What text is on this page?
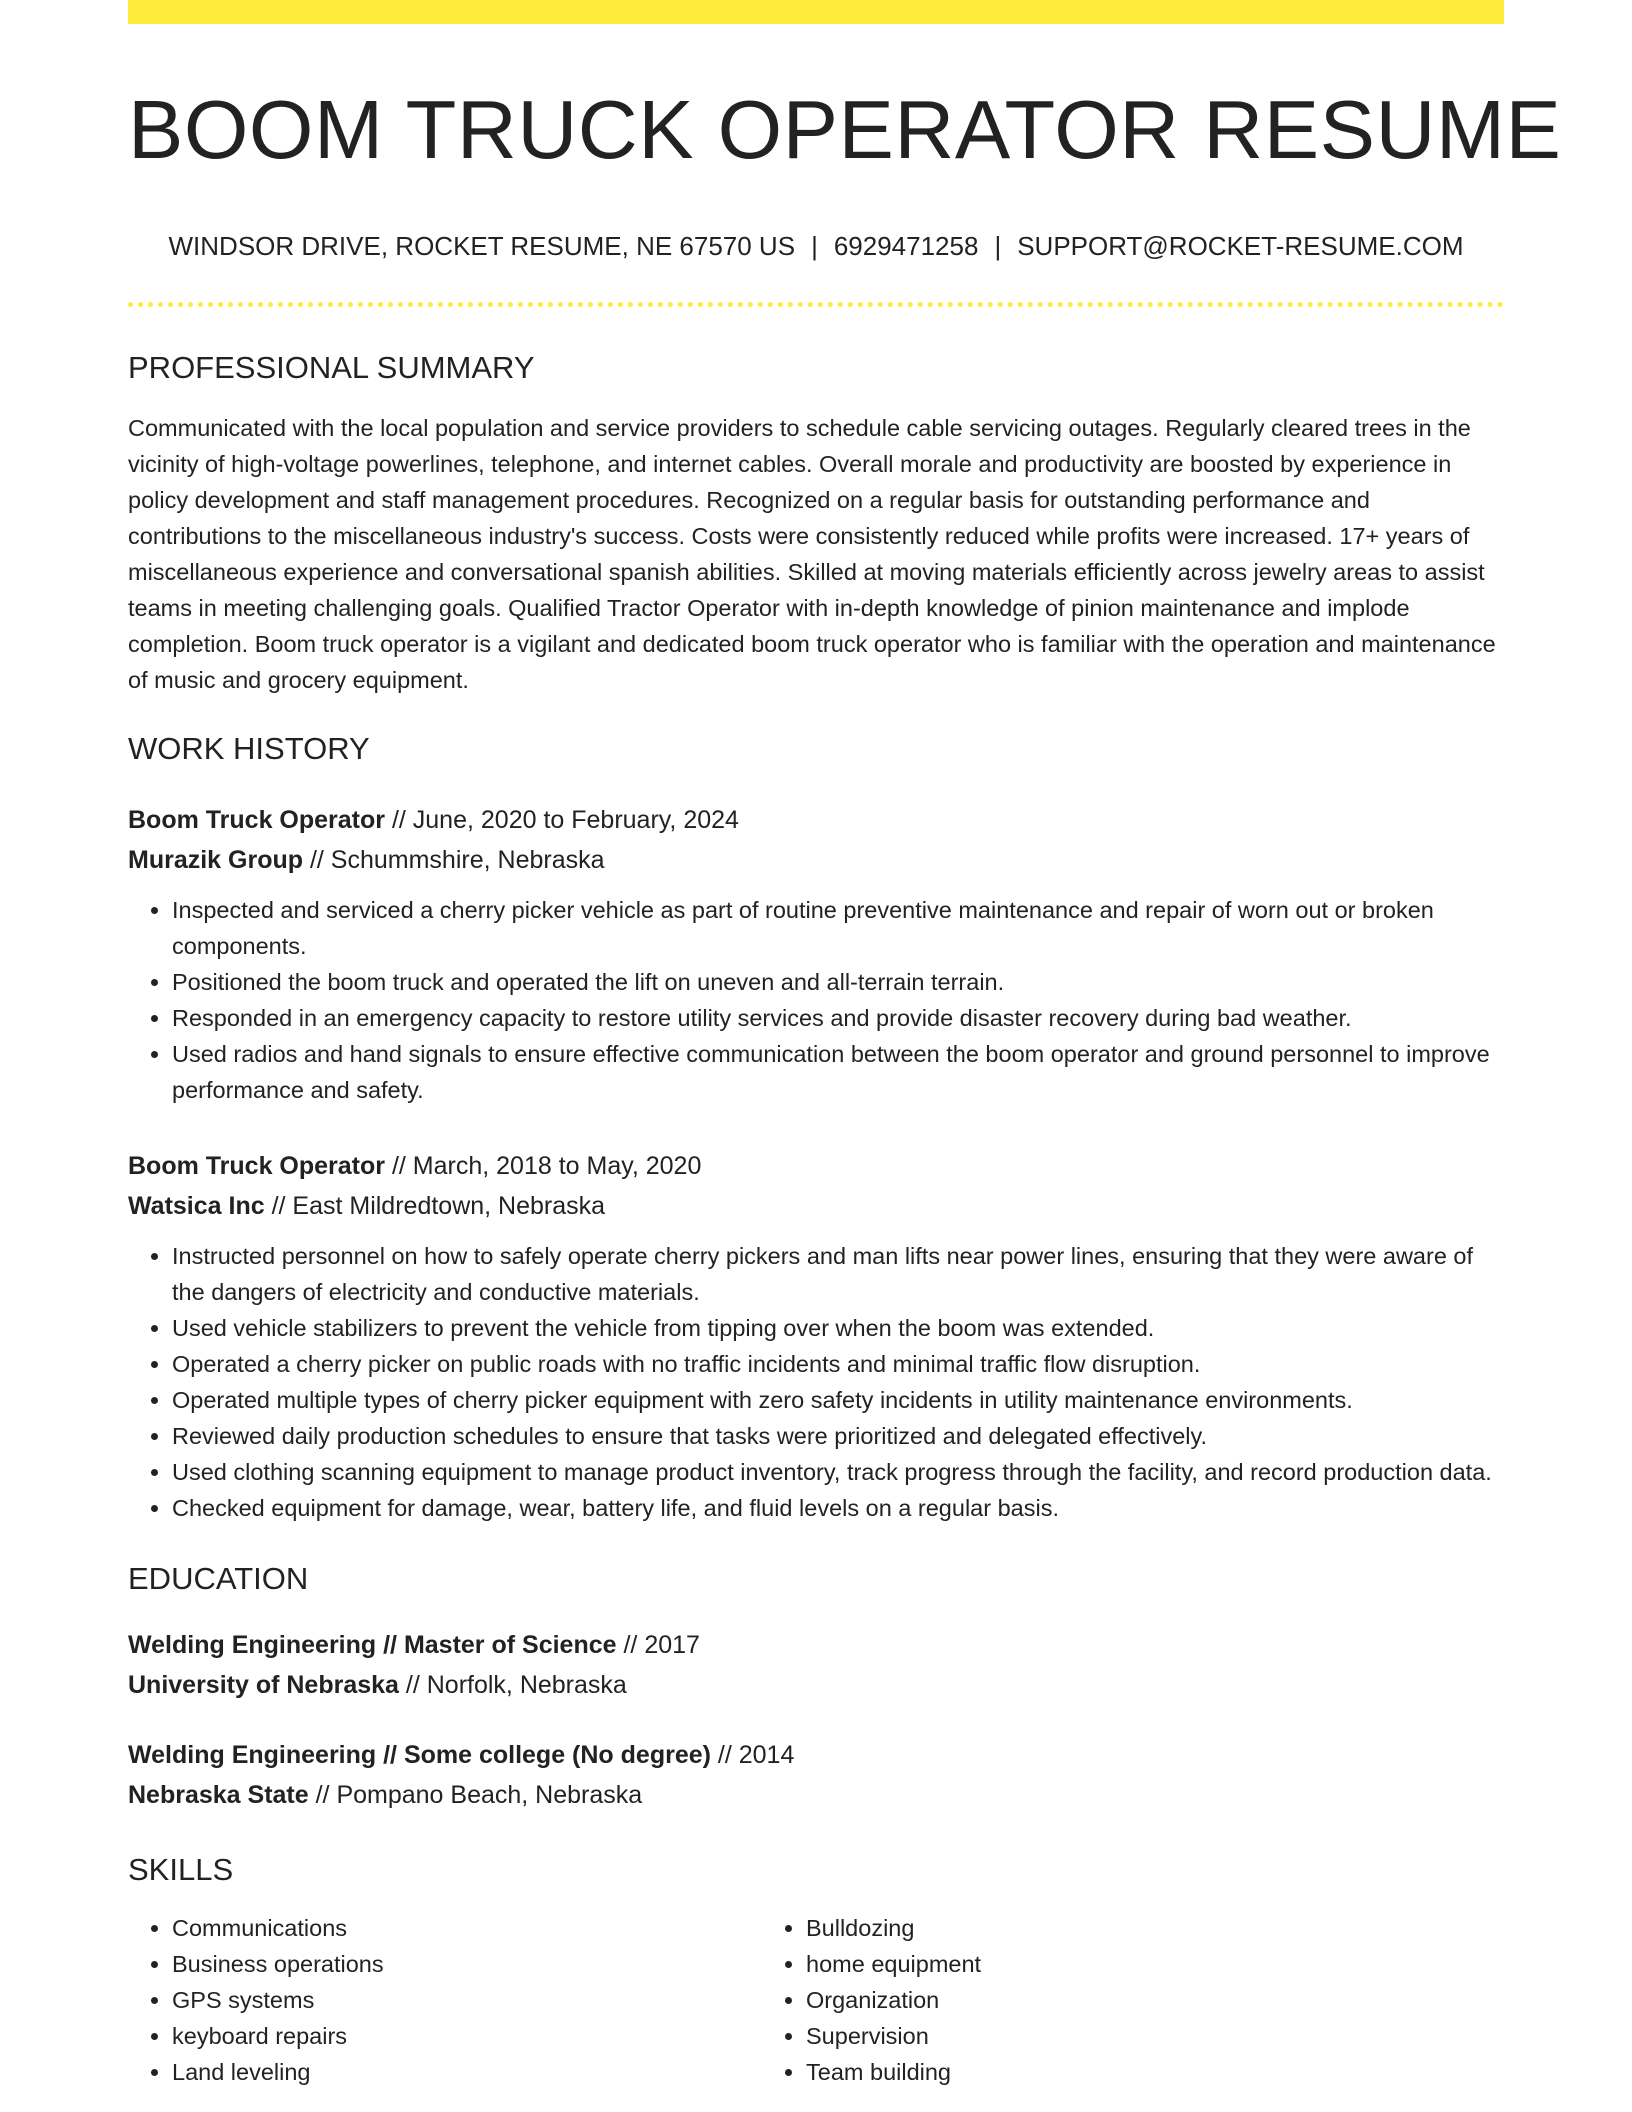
BOOM TRUCK OPERATOR RESUME
WINDSOR DRIVE, ROCKET RESUME, NE 67570 US | 6929471258 | SUPPORT@ROCKET-RESUME.COM
PROFESSIONAL SUMMARY
Communicated with the local population and service providers to schedule cable servicing outages. Regularly cleared trees in the vicinity of high-voltage powerlines, telephone, and internet cables. Overall morale and productivity are boosted by experience in policy development and staff management procedures. Recognized on a regular basis for outstanding performance and contributions to the miscellaneous industry's success. Costs were consistently reduced while profits were increased. 17+ years of miscellaneous experience and conversational spanish abilities. Skilled at moving materials efficiently across jewelry areas to assist teams in meeting challenging goals. Qualified Tractor Operator with in-depth knowledge of pinion maintenance and implode completion. Boom truck operator is a vigilant and dedicated boom truck operator who is familiar with the operation and maintenance of music and grocery equipment.
WORK HISTORY
Boom Truck Operator // June, 2020 to February, 2024
Murazik Group // Schummshire, Nebraska
• Inspected and serviced a cherry picker vehicle as part of routine preventive maintenance and repair of worn out or broken components.
• Positioned the boom truck and operated the lift on uneven and all-terrain terrain.
• Responded in an emergency capacity to restore utility services and provide disaster recovery during bad weather.
• Used radios and hand signals to ensure effective communication between the boom operator and ground personnel to improve performance and safety.
Boom Truck Operator // March, 2018 to May, 2020
Watsica Inc // East Mildredtown, Nebraska
• Instructed personnel on how to safely operate cherry pickers and man lifts near power lines, ensuring that they were aware of the dangers of electricity and conductive materials.
• Used vehicle stabilizers to prevent the vehicle from tipping over when the boom was extended.
• Operated a cherry picker on public roads with no traffic incidents and minimal traffic flow disruption.
• Operated multiple types of cherry picker equipment with zero safety incidents in utility maintenance environments.
• Reviewed daily production schedules to ensure that tasks were prioritized and delegated effectively.
• Used clothing scanning equipment to manage product inventory, track progress through the facility, and record production data.
• Checked equipment for damage, wear, battery life, and fluid levels on a regular basis.
EDUCATION
Welding Engineering // Master of Science // 2017
University of Nebraska // Norfolk, Nebraska
Welding Engineering // Some college (No degree) // 2014
Nebraska State // Pompano Beach, Nebraska
SKILLS
• Communications
• Business operations
• GPS systems
• keyboard repairs
• Land leveling
• Bulldozing
• home equipment
• Organization
• Supervision
• Team building
